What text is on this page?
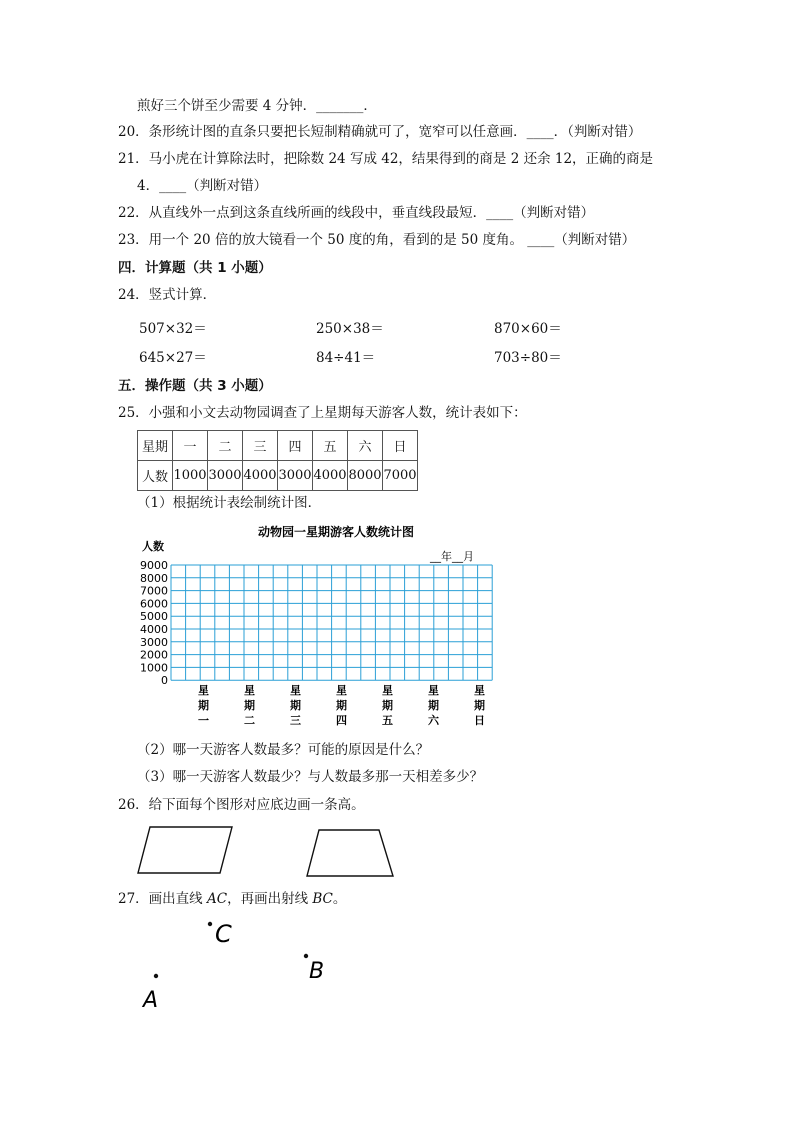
煎好三个饼至少需要 4 分钟．_______．
20．条形统计图的直条只要把长短制精确就可了，宽窄可以任意画．____．（判断对错）
21．马小虎在计算除法时，把除数 24 写成 42，结果得到的商是 2 还余 12，正确的商是
4．____（判断对错）
22．从直线外一点到这条直线所画的线段中，垂直线段最短．____（判断对错）
23．用一个 20 倍的放大镜看一个 50 度的角，看到的是 50 度角。 ____（判断对错）
四．计算题（共 1 小题）
24．竖式计算．
507×32＝	250×38＝	870×60＝
645×27＝	84÷41＝	703÷80＝
五．操作题（共 3 小题）
25．小强和小文去动物园调查了上星期每天游客人数，统计表如下：
星期	一	二	三	四	五	六	日
人数	1000	3000	4000	3000	4000	8000	7000
（1）根据统计表绘制统计图．
动物园一星期游客人数统计图
人数
__年__月
9000
8000
7000
6000
5000
4000
3000
2000
1000
0
星
期
一
星
期
二
星
期
三
星
期
四
星
期
五
星
期
六
星
期
日
（2）哪一天游客人数最多？可能的原因是什么？
（3）哪一天游客人数最少？与人数最多那一天相差多少？
26．给下面每个图形对应底边画一条高。
27．画出直线 AC，再画出射线 BC。
C
B
A
